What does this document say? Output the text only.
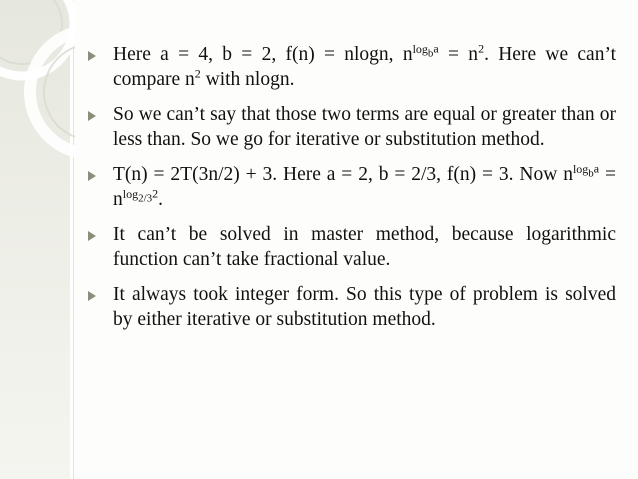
Here a = 4, b = 2, f(n) = nlogn, $n^{log_ba} = n^2$. Here we can’t compare $n^2$ with nlogn.
So we can’t say that those two terms are equal or greater than or less than. So we go for iterative or substitution method.
T(n) = 2T(3n/2) + 3. Here a = 2, b = 2/3, f(n) = 3. Now $n^{log_ba} = n^{log_{2/3}2}$.
It can’t be solved in master method, because logarithmic function can’t take fractional value.
It always took integer form. So this type of problem is solved by either iterative or substitution method.
